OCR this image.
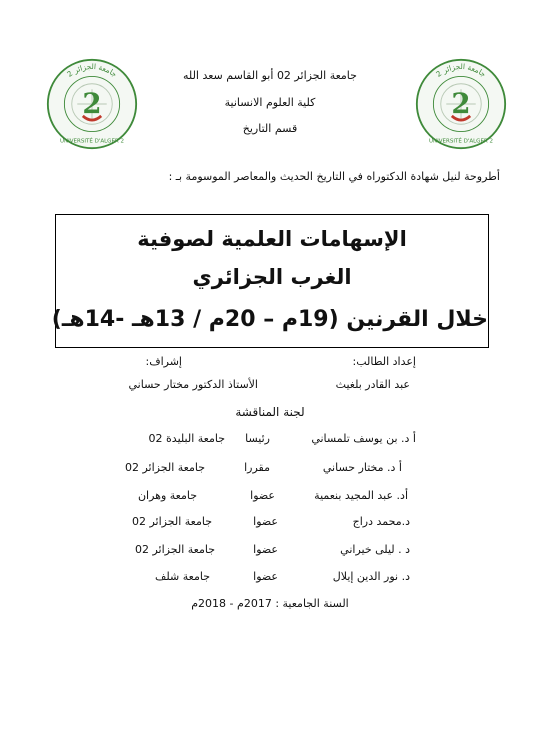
2
جامعة الجزائر 2
UNIVERSITÉ D'ALGER 2
2
جامعة الجزائر 2
UNIVERSITÉ D'ALGER 2
جامعة الجزائر 02 أبو القاسم سعد الله
كلية العلوم الانسانية
قسم التاريخ
أطروحة لنيل شهادة الدكتوراه في التاريخ الحديث والمعاصر الموسومة بـ :
الإسهامات العلمية لصوفية
الغرب الجزائري
خلال القرنين (19م – 20م / 13هـ -14هـ)
إعداد الطالب:
إشراف:
عبد القادر بلغيث
الأستاذ الدكتور مختار حساني
لجنة المناقشة
أ د. بن يوسف تلمساني
رئيسا
جامعة البليدة 02
أ د. مختار حساني
مقررا
جامعة الجزائر 02
أد. عبد المجيد بنعمية
عضوا
جامعة وهران
د.محمد دراج
عضوا
جامعة الجزائر 02
د . ليلى خيراني
عضوا
جامعة الجزائر 02
د. نور الدين إيلال
عضوا
جامعة شلف
السنة الجامعية : 2017م - 2018م
